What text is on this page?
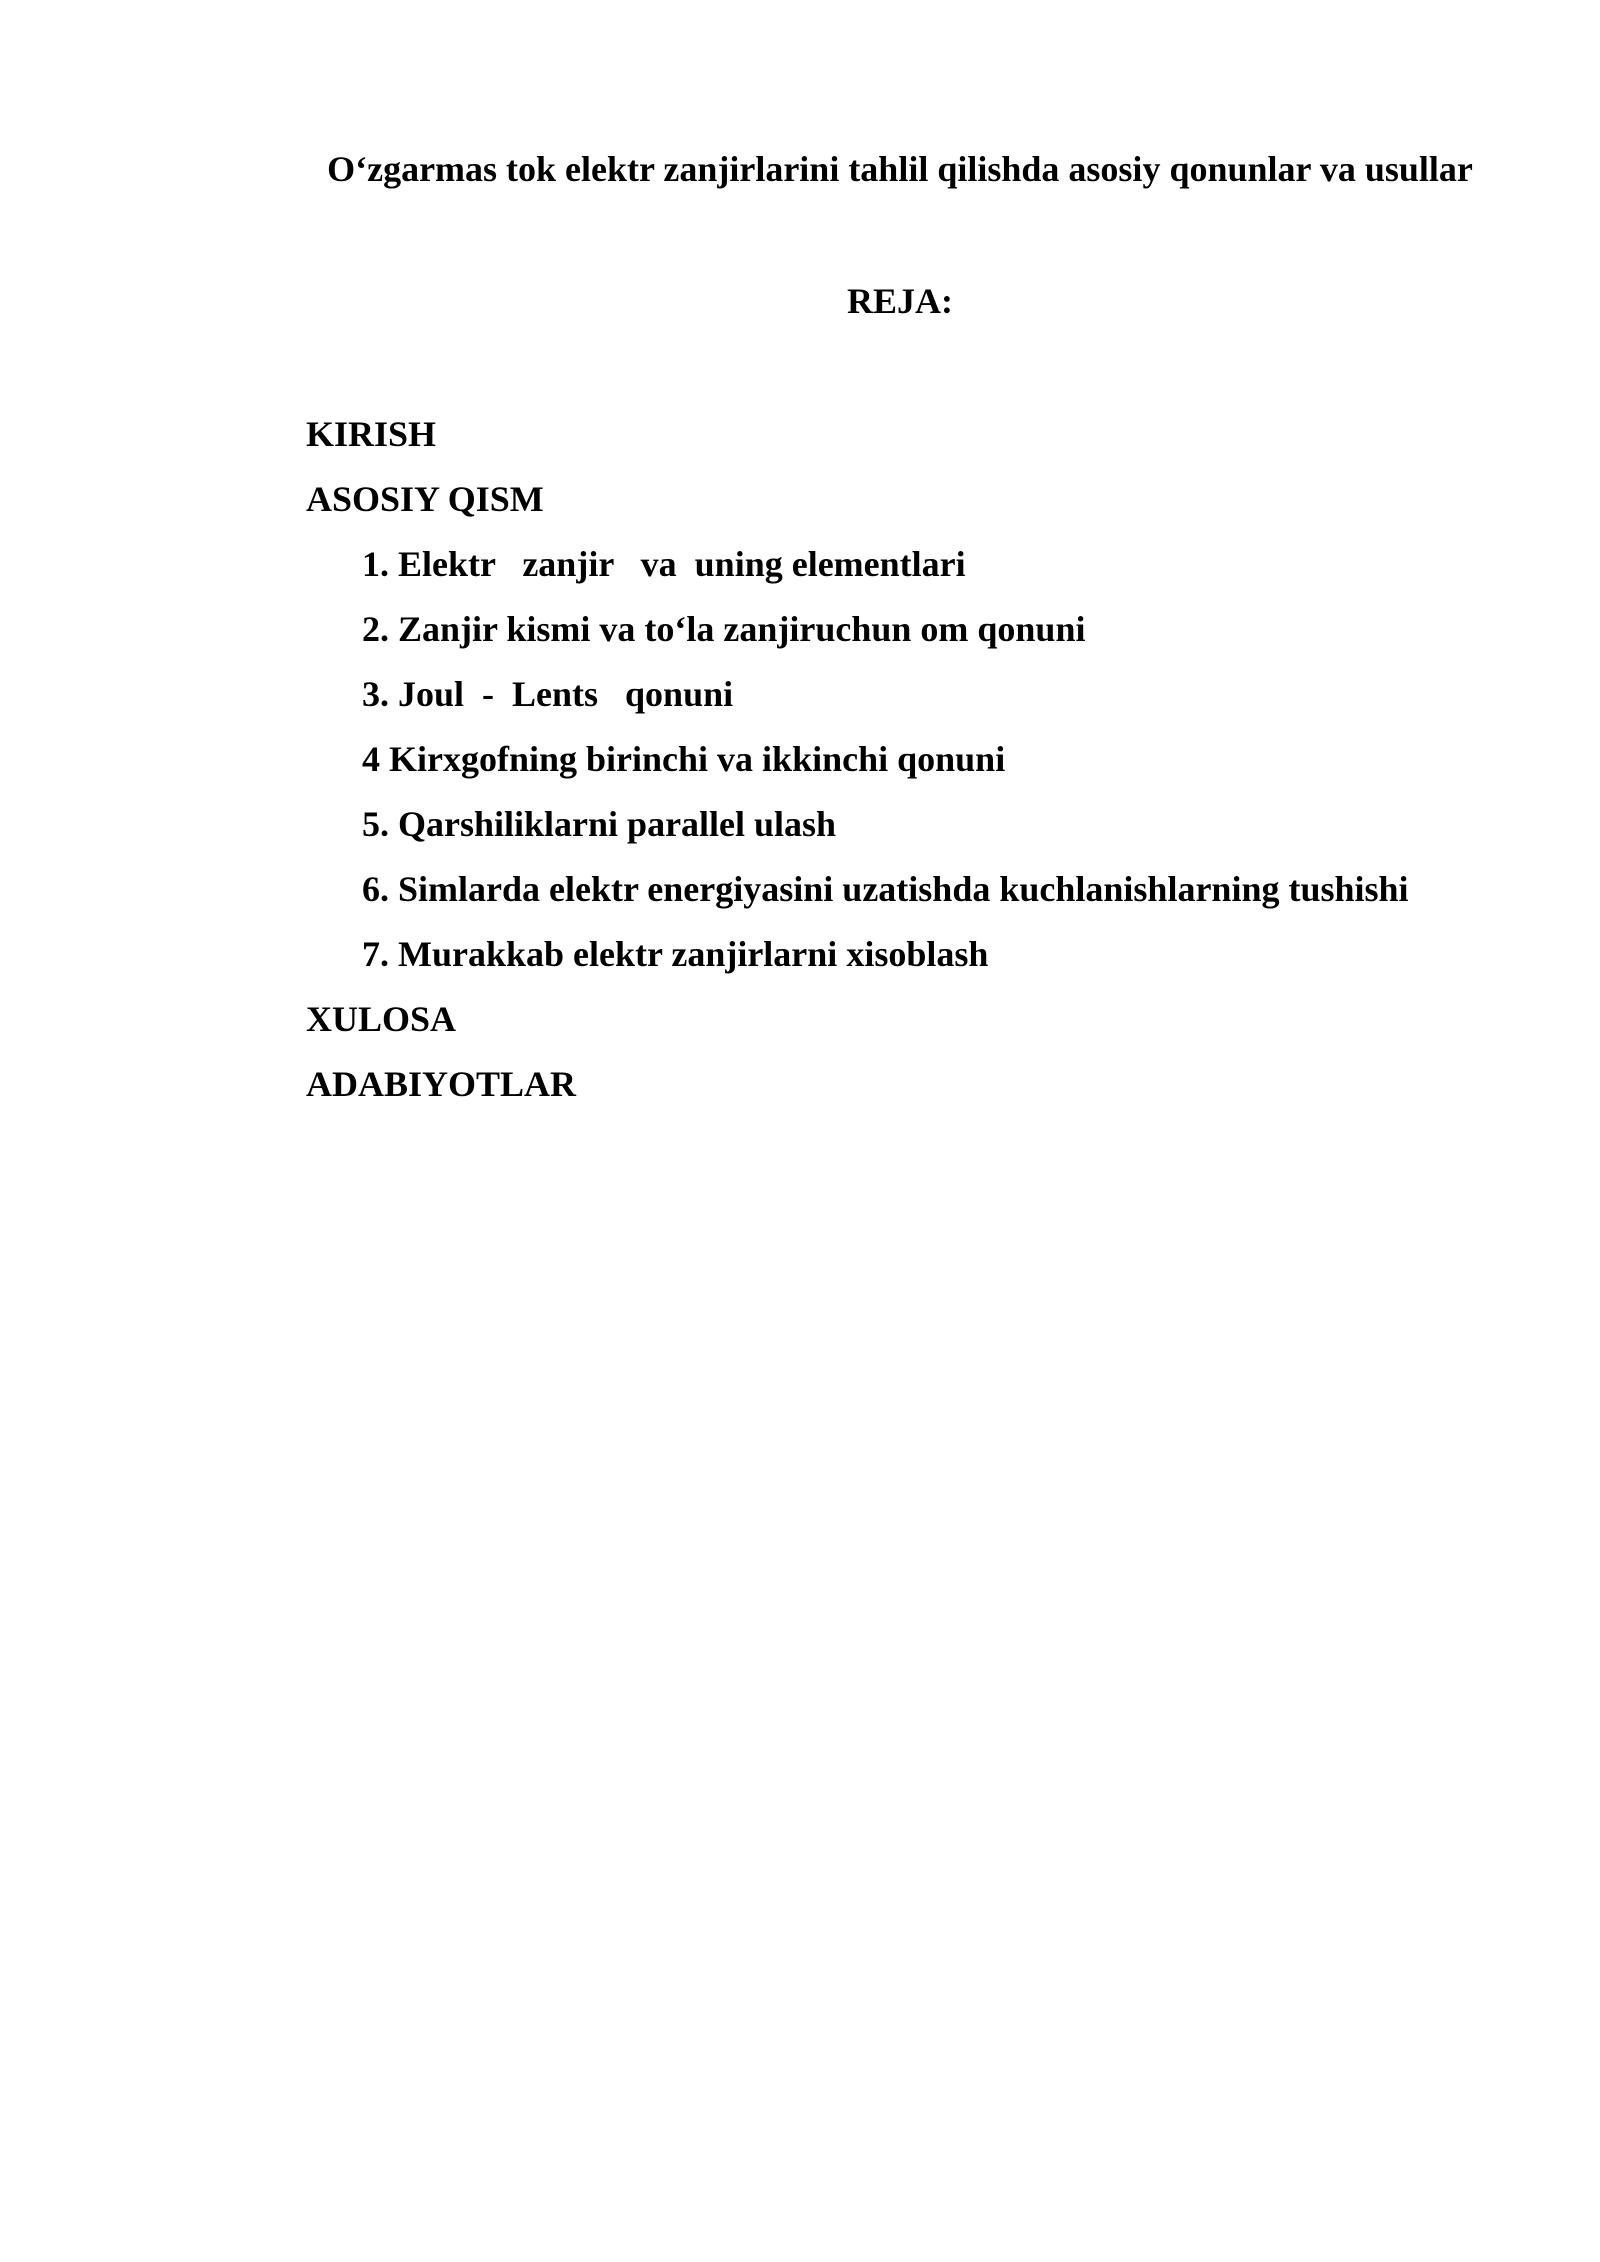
O‘zgarmas tok elektr zanjirlarini tahlil qilishda asosiy qonunlar va usullar
REJA:
KIRISH
ASOSIY QISM
1. Elektr   zanjir   va  uning elementlari
2. Zanjir kismi va to‘la zanjiruchun om qonuni
3. Joul  -  Lents   qonuni
4 Kirxgofning birinchi va ikkinchi qonuni
5. Qarshiliklarni parallel ulash
6. Simlarda elektr energiyasini uzatishda kuchlanishlarning tushishi
7. Murakkab elektr zanjirlarni xisoblash
XULOSA
ADABIYOTLAR
